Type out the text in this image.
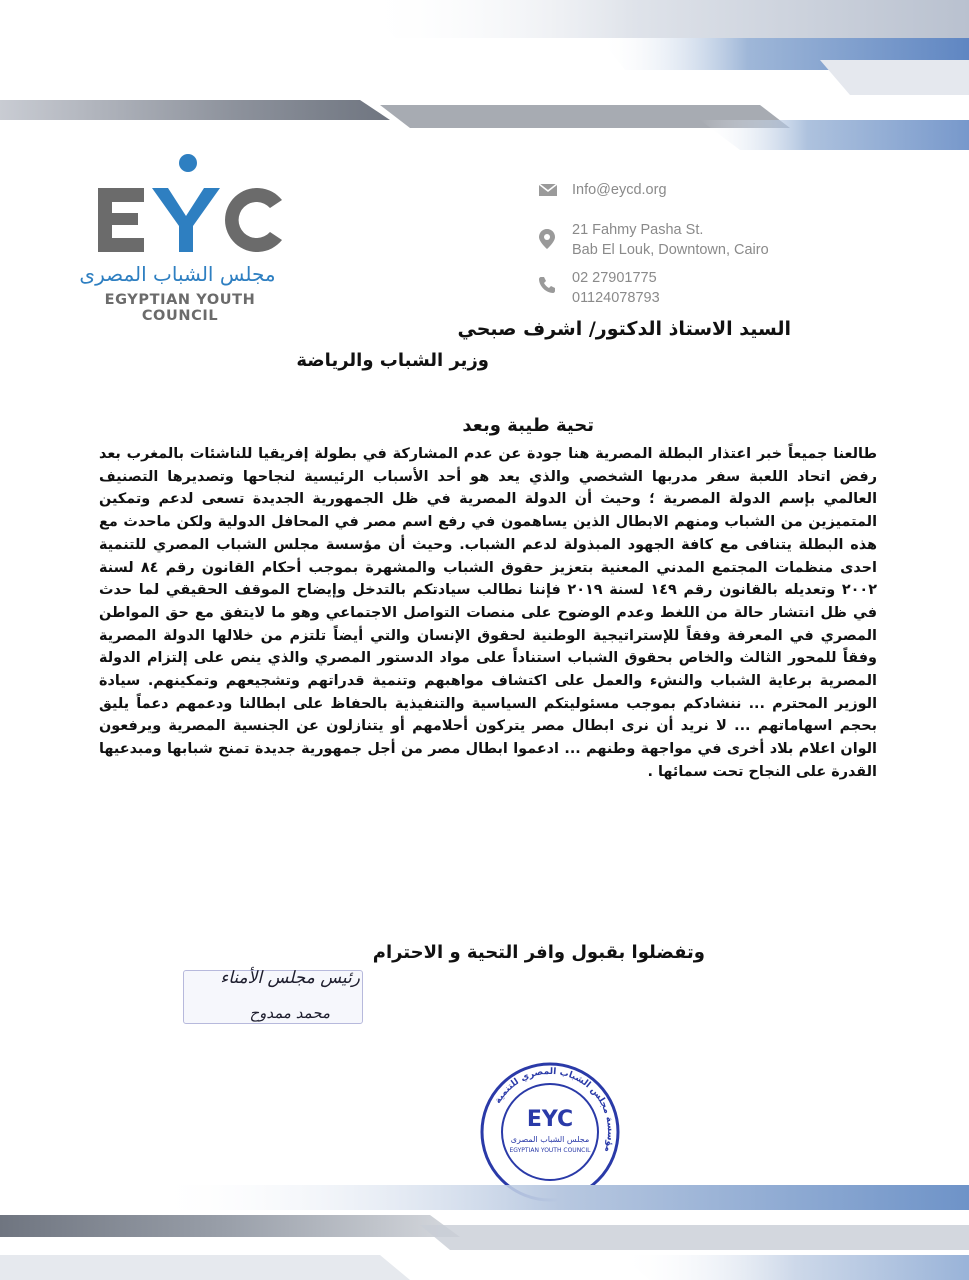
مجلس الشباب المصرى
EGYPTIAN YOUTH COUNCIL
Info@eycd.org
21 Fahmy Pasha St.
Bab El Louk, Downtown, Cairo
02 27901775
01124078793
السيد الاستاذ الدكتور/ اشرف صبحي
وزير الشباب والرياضة
تحية طيبة وبعد
طالعنا جميعاً خبر اعتذار البطلة المصرية هنا جودة عن عدم المشاركة في بطولة إفريقيا للناشئات بالمغرب بعد رفض اتحاد اللعبة سفر مدربها الشخصي والذي يعد هو أحد الأسباب الرئيسية لنجاحها وتصديرها التصنيف العالمي بإسم الدولة المصرية ؛ وحيث أن الدولة المصرية في ظل الجمهورية الجديدة تسعى لدعم وتمكين المتميزين من الشباب ومنهم الابطال الذين يساهمون في رفع اسم مصر في المحافل الدولية ولكن ماحدث مع هذه البطلة يتنافى مع كافة الجهود المبذولة لدعم الشباب. وحيث أن مؤسسة مجلس الشباب المصري للتنمية احدى منظمات المجتمع المدني المعنية بتعزيز حقوق الشباب والمشهرة بموجب أحكام القانون رقم ٨٤ لسنة ٢٠٠٢ وتعديله بالقانون رقم ١٤٩ لسنة ٢٠١٩ فإننا نطالب سيادتكم بالتدخل وإيضاح الموقف الحقيقي لما حدث في ظل انتشار حالة من اللغط وعدم الوضوح على منصات التواصل الاجتماعي وهو ما لايتفق مع حق المواطن المصري في المعرفة وفقاً للإستراتيجية الوطنية لحقوق الإنسان والتي أيضاً تلتزم من خلالها الدولة المصرية وفقاً للمحور الثالث والخاص بحقوق الشباب استناداً على مواد الدستور المصري والذي ينص على إلتزام الدولة المصرية برعاية الشباب والنشء والعمل على اكتشاف مواهبهم وتنمية قدراتهم وتشجيعهم وتمكينهم. سيادة الوزير المحترم ... ننشادكم بموجب مسئوليتكم السياسية والتنفيذية بالحفاظ على ابطالنا ودعمهم دعماً يليق بحجم اسهاماتهم ... لا نريد أن نرى ابطال مصر يتركون أحلامهم أو يتنازلون عن الجنسية المصرية ويرفعون الوان اعلام بلاد أخرى في مواجهة وطنهم ... ادعموا ابطال مصر من أجل جمهورية جديدة تمنح شبابها ومبدعيها القدرة على النجاح تحت سمائها .
وتفضلوا بقبول وافر التحية و الاحترام
رئيس مجلس الأمناء
محمد ممدوح
مؤسسة مجلس الشباب المصري للتنمية
EYC
مجلس الشباب المصرى
EGYPTIAN YOUTH COUNCIL
